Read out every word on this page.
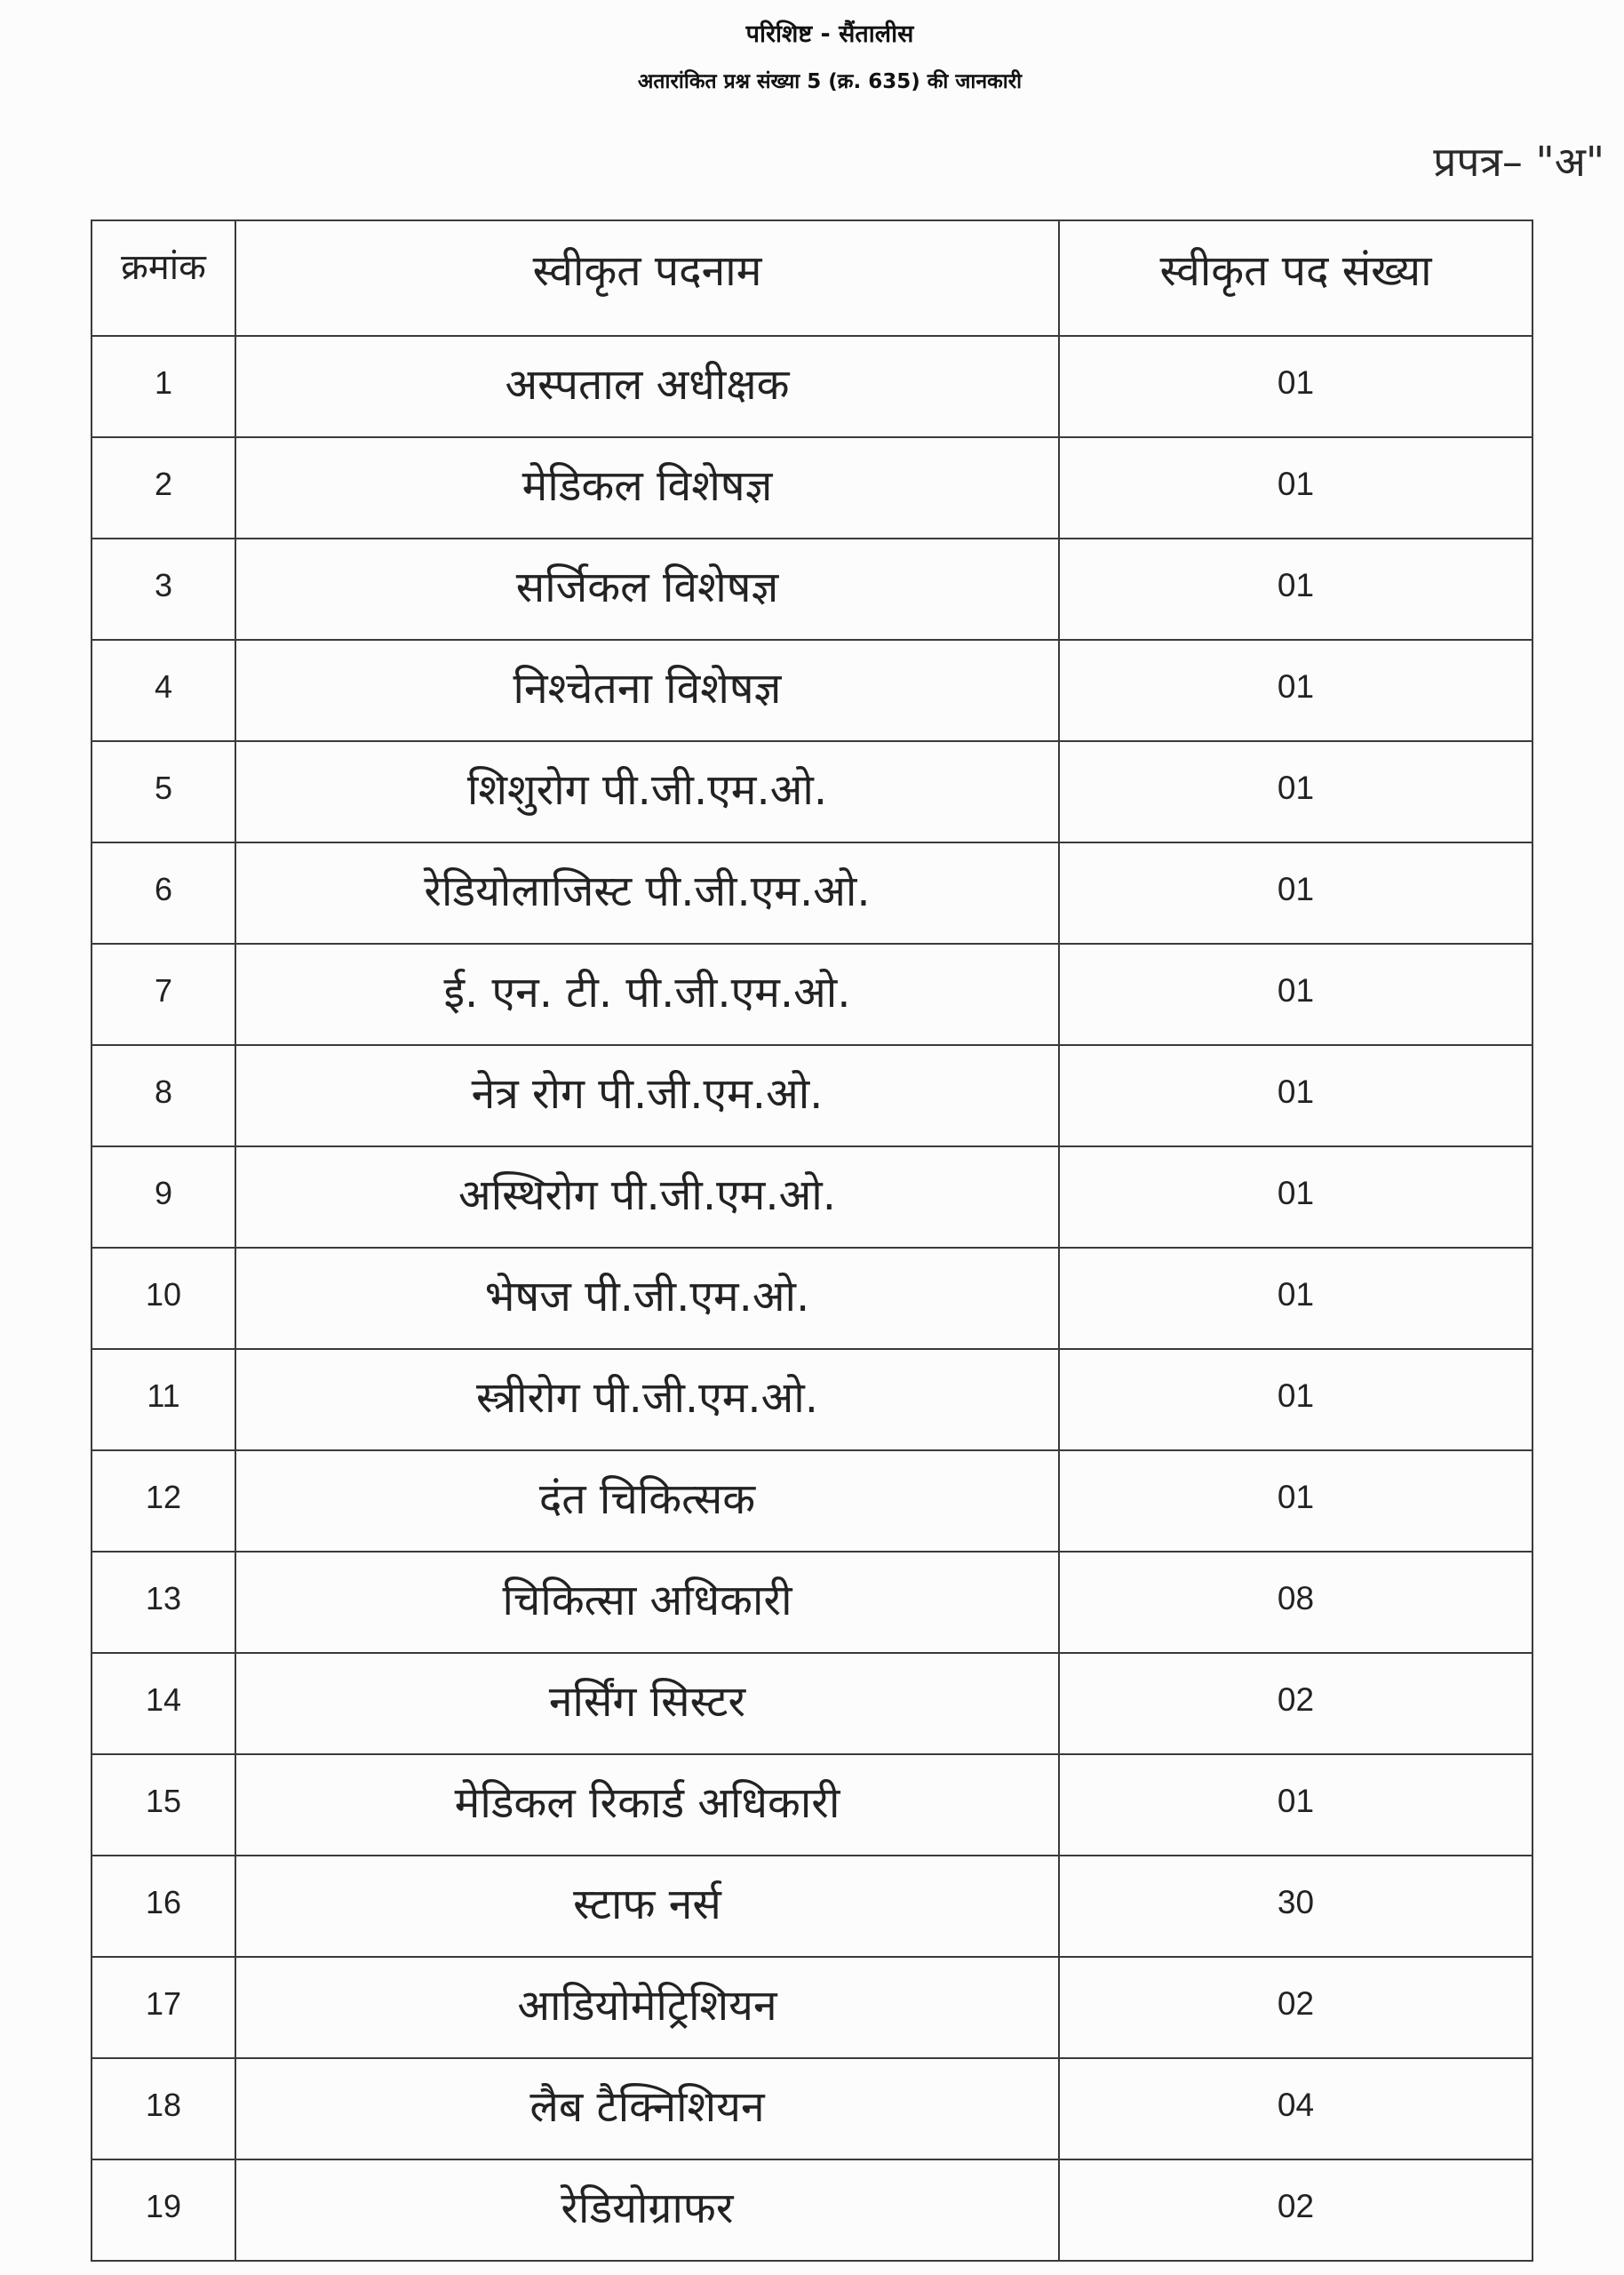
परिशिष्ट - सैंतालीस
अतारांकित प्रश्न संख्या 5 (क्र. 635) की जानकारी
प्रपत्र– "अ"
क्रमांक	स्वीकृत पदनाम	स्वीकृत पद संख्या
1	अस्पताल अधीक्षक	01
2	मेडिकल विशेषज्ञ	01
3	सर्जिकल विशेषज्ञ	01
4	निश्चेतना विशेषज्ञ	01
5	शिशुरोग पी.जी.एम.ओ.	01
6	रेडियोलाजिस्ट पी.जी.एम.ओ.	01
7	ई. एन. टी. पी.जी.एम.ओ.	01
8	नेत्र रोग पी.जी.एम.ओ.	01
9	अस्थिरोग पी.जी.एम.ओ.	01
10	भेषज पी.जी.एम.ओ.	01
11	स्त्रीरोग पी.जी.एम.ओ.	01
12	दंत चिकित्सक	01
13	चिकित्सा अधिकारी	08
14	नर्सिंग सिस्टर	02
15	मेडिकल रिकार्ड अधिकारी	01
16	स्टाफ नर्स	30
17	आडियोमेट्रिशियन	02
18	लैब टैक्निशियन	04
19	रेडियोग्राफर	02
